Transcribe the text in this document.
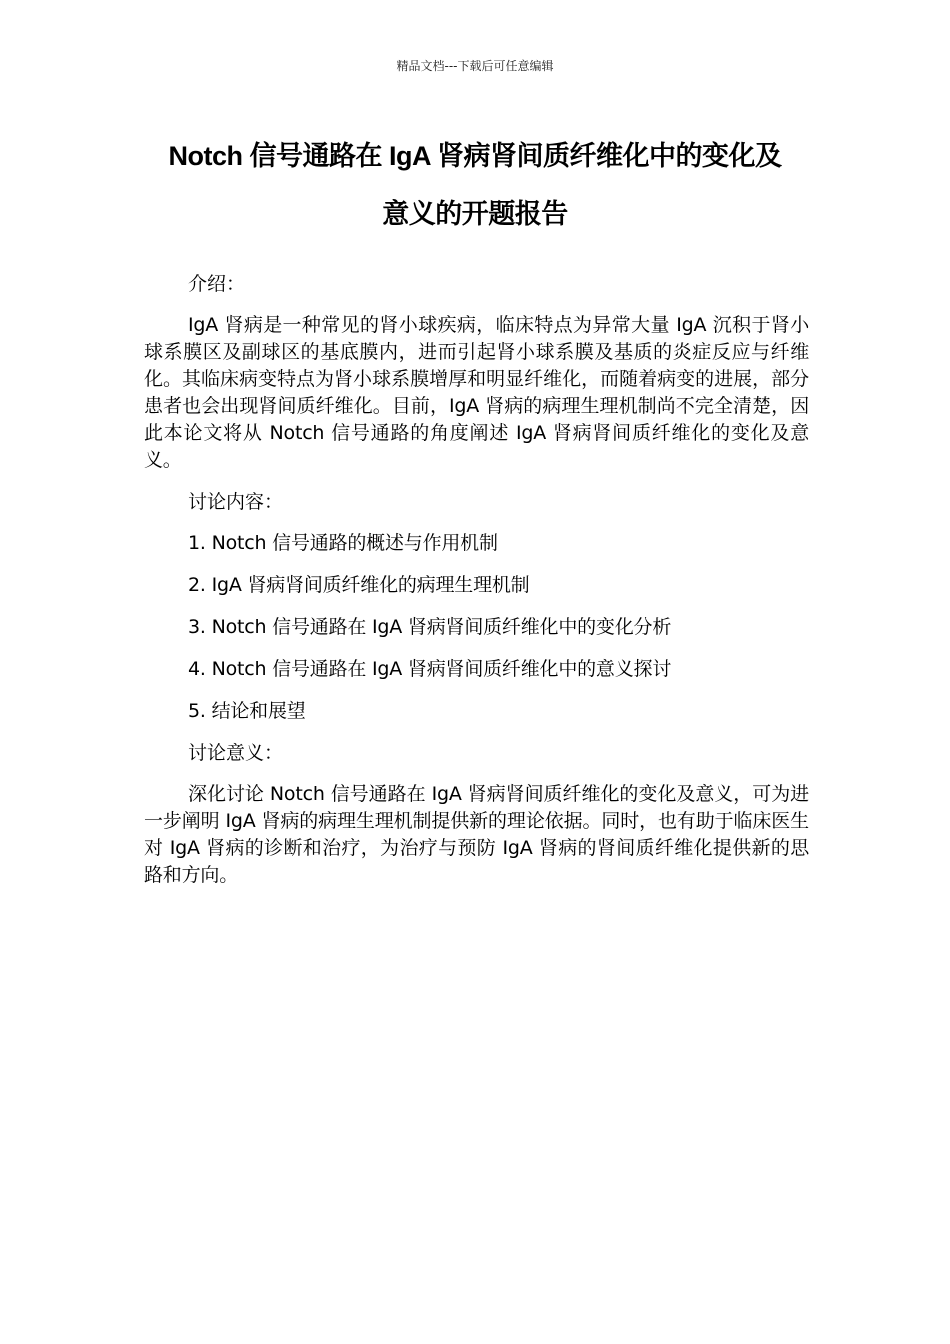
精品文档---下载后可任意编辑
Notch 信号通路在 IgA 肾病肾间质纤维化中的变化及
意义的开题报告

介绍：

IgA 肾病是一种常见的肾小球疾病，临床特点为异常大量 IgA 沉积于肾小球系膜区及副球区的基底膜内，进而引起肾小球系膜及基质的炎症反应与纤维化。其临床病变特点为肾小球系膜增厚和明显纤维化，而随着病变的进展，部分患者也会出现肾间质纤维化。目前，IgA 肾病的病理生理机制尚不完全清楚，因此本论文将从 Notch 信号通路的角度阐述 IgA 肾病肾间质纤维化的变化及意义。

讨论内容：

1. Notch 信号通路的概述与作用机制

2. IgA 肾病肾间质纤维化的病理生理机制

3. Notch 信号通路在 IgA 肾病肾间质纤维化中的变化分析

4. Notch 信号通路在 IgA 肾病肾间质纤维化中的意义探讨

5. 结论和展望

讨论意义：

深化讨论 Notch 信号通路在 IgA 肾病肾间质纤维化的变化及意义，可为进一步阐明 IgA 肾病的病理生理机制提供新的理论依据。同时，也有助于临床医生对 IgA 肾病的诊断和治疗，为治疗与预防 IgA 肾病的肾间质纤维化提供新的思路和方向。
